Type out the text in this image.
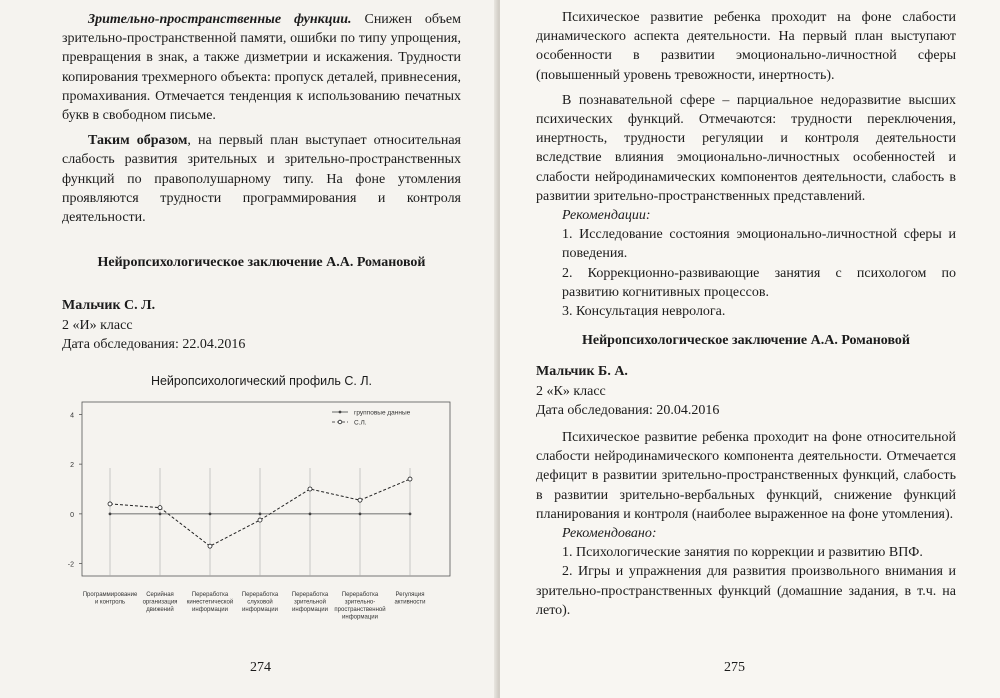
Зрительно-пространственные функции. Снижен объем зрительно-пространственной памяти, ошибки по типу упрощения, превращения в знак, а также дизметрии и искажения. Трудности копирования трехмерного объекта: пропуск деталей, привнесения, промахивания. Отмечается тенденция к использованию печатных букв в свободном письме.

Таким образом, на первый план выступает относительная слабость развития зрительных и зрительно-пространственных функций по правополушарному типу. На фоне утомления проявляются трудности программирования и контроля деятельности.

Нейропсихологическое заключение А.А. Романовой

Мальчик С. Л.

2 «И» класс

Дата обследования: 22.04.2016

Нейропсихологический профиль С. Л.
4
2
0
-2
групповые данные
С.Л.
Программирование и контроль
Серийная организация движений
Переработка кинестетической информации
Переработка слуховой информации
Переработка зрительной информации
Переработка зрительно-пространственной информации
Регуляция активности
274

Психическое развитие ребенка проходит на фоне слабости динамического аспекта деятельности. На первый план выступают особенности в развитии эмоционально-личностной сферы (повышенный уровень тревожности, инертность).

В познавательной сфере – парциальное недоразвитие высших психических функций. Отмечаются: трудности переключения, инертность, трудности регуляции и контроля деятельности вследствие влияния эмоционально-личностных особенностей и слабости нейродинамических компонентов деятельности, слабость в развитии зрительно-пространственных представлений.

Рекомендации:

1. Исследование состояния эмоционально-личностной сферы и поведения.

2. Коррекционно-развивающие занятия с психологом по развитию когнитивных процессов.

3. Консультация невролога.

Нейропсихологическое заключение А.А. Романовой

Мальчик Б. А.

2 «К» класс

Дата обследования: 20.04.2016

Психическое развитие ребенка проходит на фоне относительной слабости нейродинамического компонента деятельности. Отмечается дефицит в развитии зрительно-пространственных функций, слабость в развитии зрительно-вербальных функций, снижение функций планирования и контроля (наиболее выраженное на фоне утомления).

Рекомендовано:

1. Психологические занятия по коррекции и развитию ВПФ.

2. Игры и упражнения для развития произвольного внимания и зрительно-пространственных функций (домашние задания, в т.ч. на лето).

275
